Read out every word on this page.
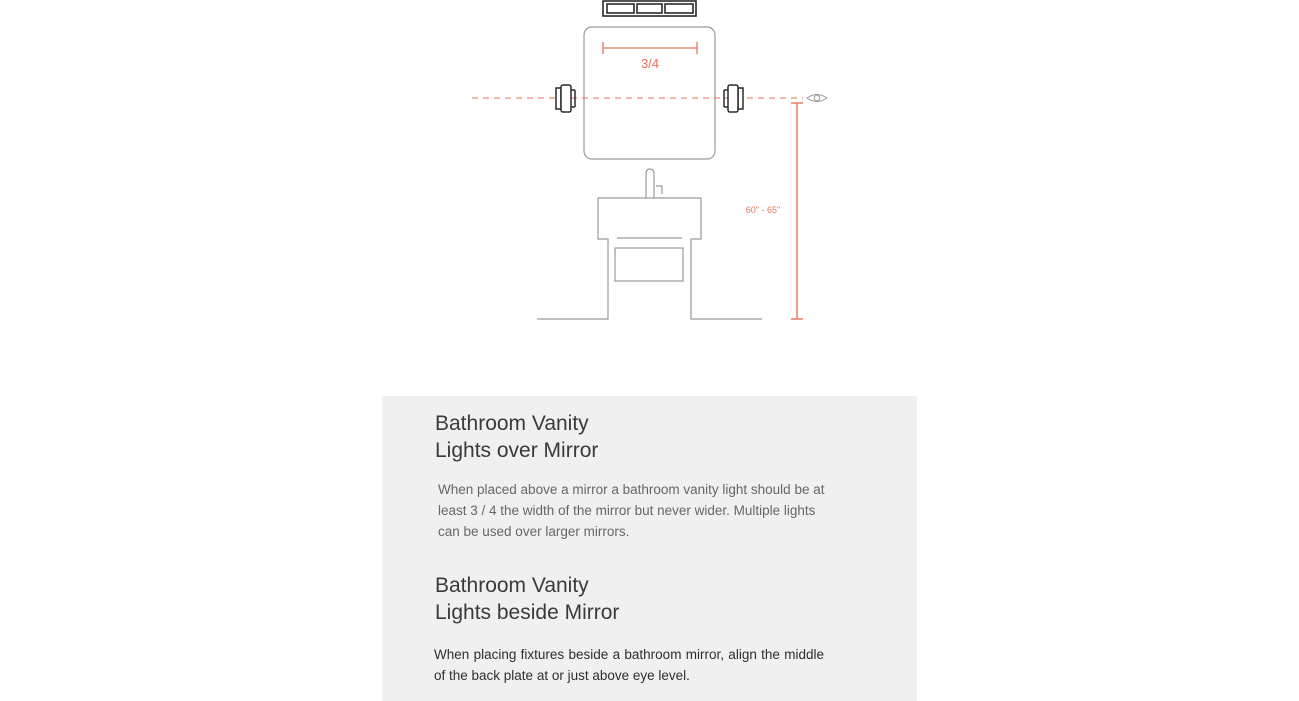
3/4
60" - 65"
Bathroom Vanity
Lights over Mirror

When placed above a mirror a bathroom vanity light should be at least 3 / 4 the width of the mirror but never wider. Multiple lights can be used over larger mirrors.

Bathroom Vanity
Lights beside Mirror

When placing fixtures beside a bathroom mirror, align the middle of the back plate at or just above eye level.
